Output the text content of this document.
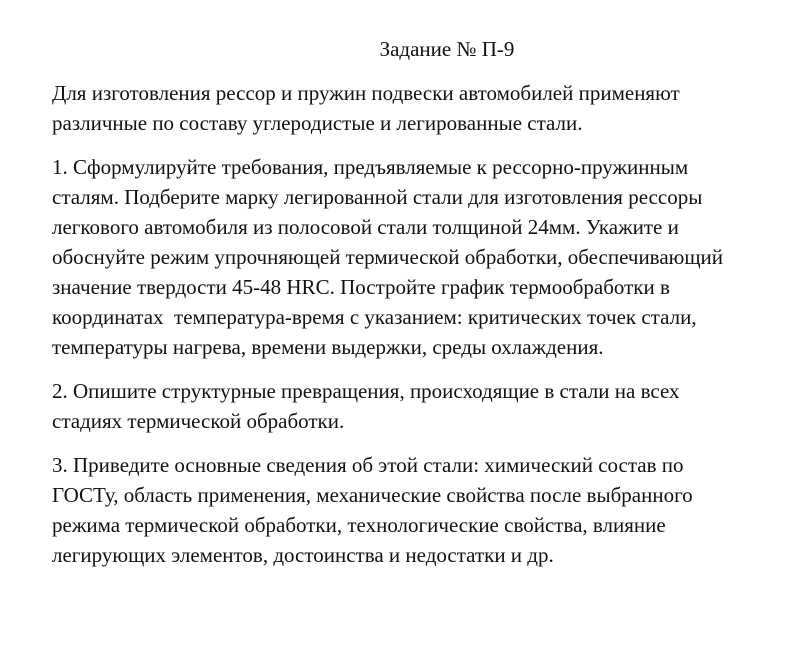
Задание № П-9
Для изготовления рессор и пружин подвески автомобилей применяют
различные по составу углеродистые и легированные стали.
1. Сформулируйте требования, предъявляемые к рессорно-пружинным
сталям. Подберите марку легированной стали для изготовления рессоры
легкового автомобиля из полосовой стали толщиной 24мм. Укажите и
обоснуйте режим упрочняющей термической обработки, обеспечивающий
значение твердости 45-48 HRC. Постройте график термообработки в
координатах  температура-время с указанием: критических точек стали,
температуры нагрева, времени выдержки, среды охлаждения.
2. Опишите структурные превращения, происходящие в стали на всех
стадиях термической обработки.
3. Приведите основные сведения об этой стали: химический состав по
ГОСТу, область применения, механические свойства после выбранного
режима термической обработки, технологические свойства, влияние
легирующих элементов, достоинства и недостатки и др.
